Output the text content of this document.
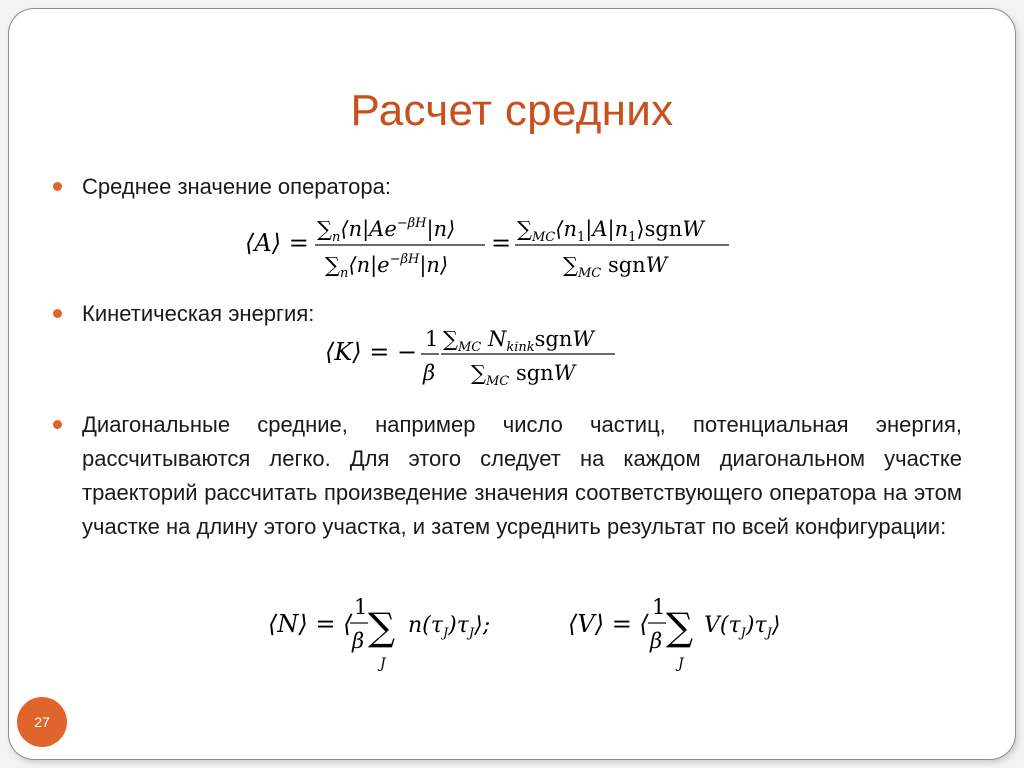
Расчет средних
Среднее значение оператора:
⟨A⟩ = $\sum_n⟨n|Ae^{-\beta H}|n⟩$
$\sum_n⟨n|e^{-\beta H}|n⟩$
= $\sum_{MC}⟨n_1|A|n_1⟩sgnW$
$\sum_{MC}$ sgnW
Кинетическая энергия:
⟨K⟩ = − 1
β
$\sum_{MC}$ $N_{kink}sgnW$
$\sum_{MC}$ sgnW
Диагональные средние, например число частиц, потенциальная энергия, рассчитываются легко. Для этого следует на каждом диагональном участке траекторий рассчитать произведение значения соответствующего оператора на этом участке на длину этого участка, и затем усреднить результат по всей конфигурации:
⟨N⟩ = ⟨
1
β ∑
J
$n(\tau_J)\tau_J⟩$;	⟨V⟩ = ⟨
1
β ∑
J
$V(\tau_J)\tau_J⟩$
27
